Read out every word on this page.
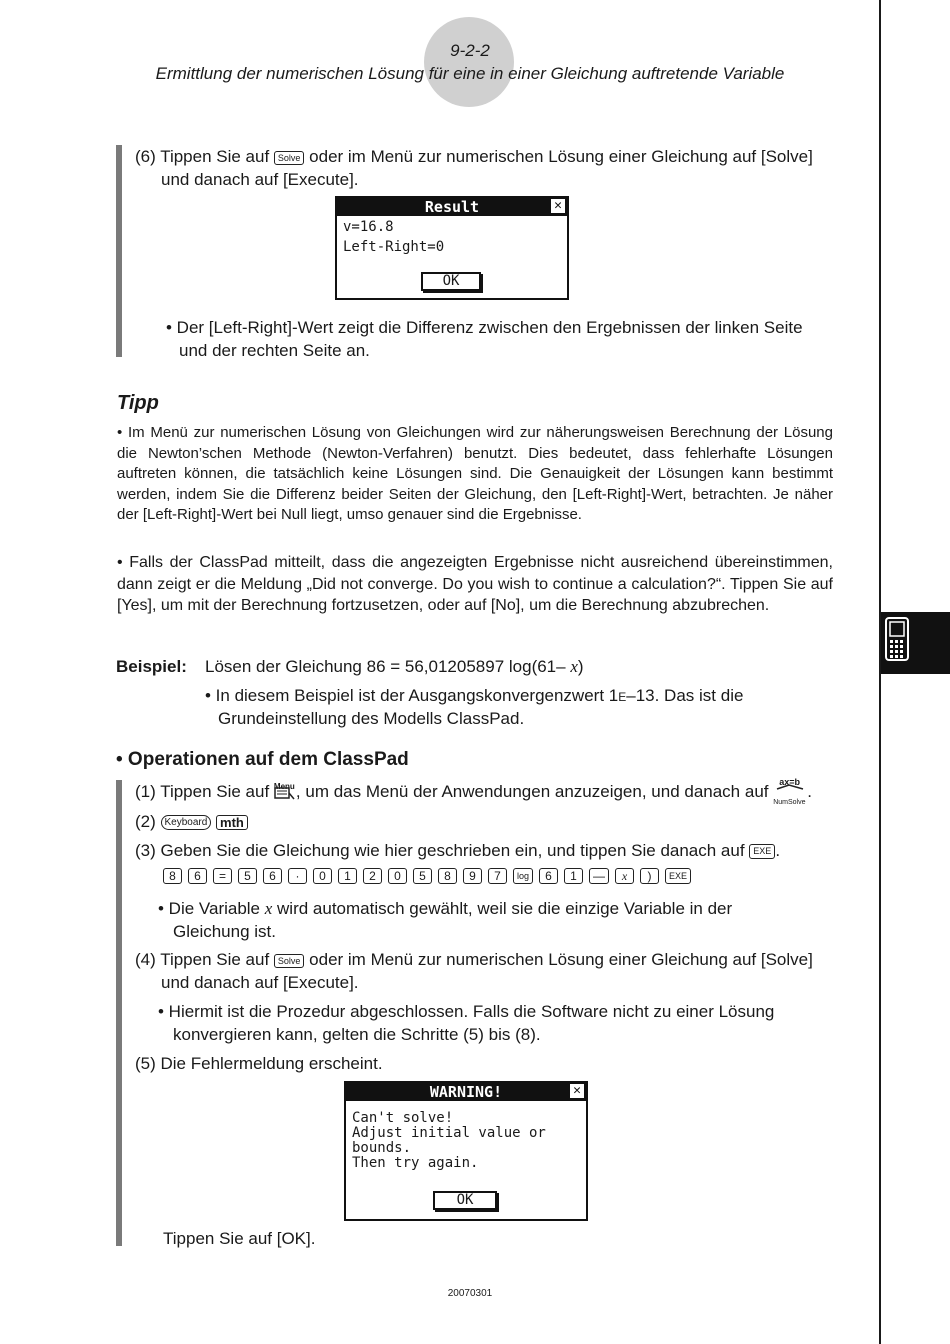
9-2-2
Ermittlung der numerischen Lösung für eine in einer Gleichung auftretende Variable
(6) Tippen Sie auf Solve oder im Menü zur numerischen Lösung einer Gleichung auf [Solve]
und danach auf [Execute].
Result	✕
v=16.8
Left-Right=0
OK
• Der [Left-Right]-Wert zeigt die Differenz zwischen den Ergebnissen der linken Seite
und der rechten Seite an.
Tipp
• Im Menü zur numerischen Lösung von Gleichungen wird zur näherungsweisen Berechnung der Lösung die Newton’schen Methode (Newton-Verfahren) benutzt. Dies bedeutet, dass fehlerhafte Lösungen auftreten können, die tatsächlich keine Lösungen sind. Die Genauigkeit der Lösungen kann bestimmt werden, indem Sie die Differenz beider Seiten der Gleichung, den [Left-Right]-Wert, betrachten. Je näher der [Left-Right]-Wert bei Null liegt, umso genauer sind die Ergebnisse.
• Falls der ClassPad mitteilt, dass die angezeigten Ergebnisse nicht ausreichend übereinstimmen, dann zeigt er die Meldung „Did not converge. Do you wish to continue a calculation?“. Tippen Sie auf [Yes], um mit der Berechnung fortzusetzen, oder auf [No], um die Berechnung abzubrechen.
Beispiel: Lösen der Gleichung 86 = 56,01205897 log(61– x)
• In diesem Beispiel ist der Ausgangskonvergenzwert 1E–13. Das ist die
Grundeinstellung des Modells ClassPad.
• Operationen auf dem ClassPad
(1) Tippen Sie auf Menu , um das Menü der Anwendungen anzuzeigen, und danach auf
ax=b
NumSolve
.
(2) Keyboard mth
(3) Geben Sie die Gleichung wie hier geschrieben ein, und tippen Sie danach auf EXE .
8	6	=	5	6	·	0	1	2	0	5	8	9	7	log	6	1	—	x	)	EXE
• Die Variable x wird automatisch gewählt, weil sie die einzige Variable in der
Gleichung ist.
(4) Tippen Sie auf Solve oder im Menü zur numerischen Lösung einer Gleichung auf [Solve]
und danach auf [Execute].
• Hiermit ist die Prozedur abgeschlossen. Falls die Software nicht zu einer Lösung
konvergieren kann, gelten die Schritte (5) bis (8).
(5) Die Fehlermeldung erscheint.
WARNING!	✕
Can't solve!
Adjust initial value or
bounds.
Then try again.
OK
Tippen Sie auf [OK].
20070301
